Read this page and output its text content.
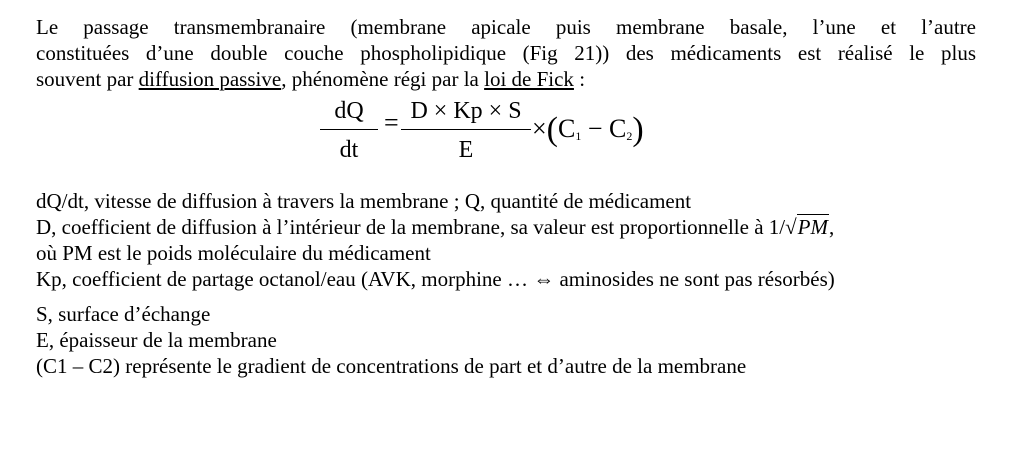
Le passage transmembranaire (membrane apicale puis membrane basale, l’une et l’autre
constituées d’une double couche phospholipidique (Fig 21)) des médicaments est réalisé le plus
souvent par diffusion passive, phénomène régi par la loi de Fick :
dQ
dt
= D × Kp × S
E
$\times(C_1 - C_2)$
dQ/dt, vitesse de diffusion à travers la membrane ; Q, quantité de médicament
D, coefficient de diffusion à l’intérieur de la membrane, sa valeur est proportionnelle à 1/√PM,
où PM est le poids moléculaire du médicament
Kp, coefficient de partage octanol/eau (AVK, morphine … ⇔ aminosides ne sont pas résorbés)
S, surface d’échange
E, épaisseur de la membrane
(C1 – C2) représente le gradient de concentrations de part et d’autre de la membrane
